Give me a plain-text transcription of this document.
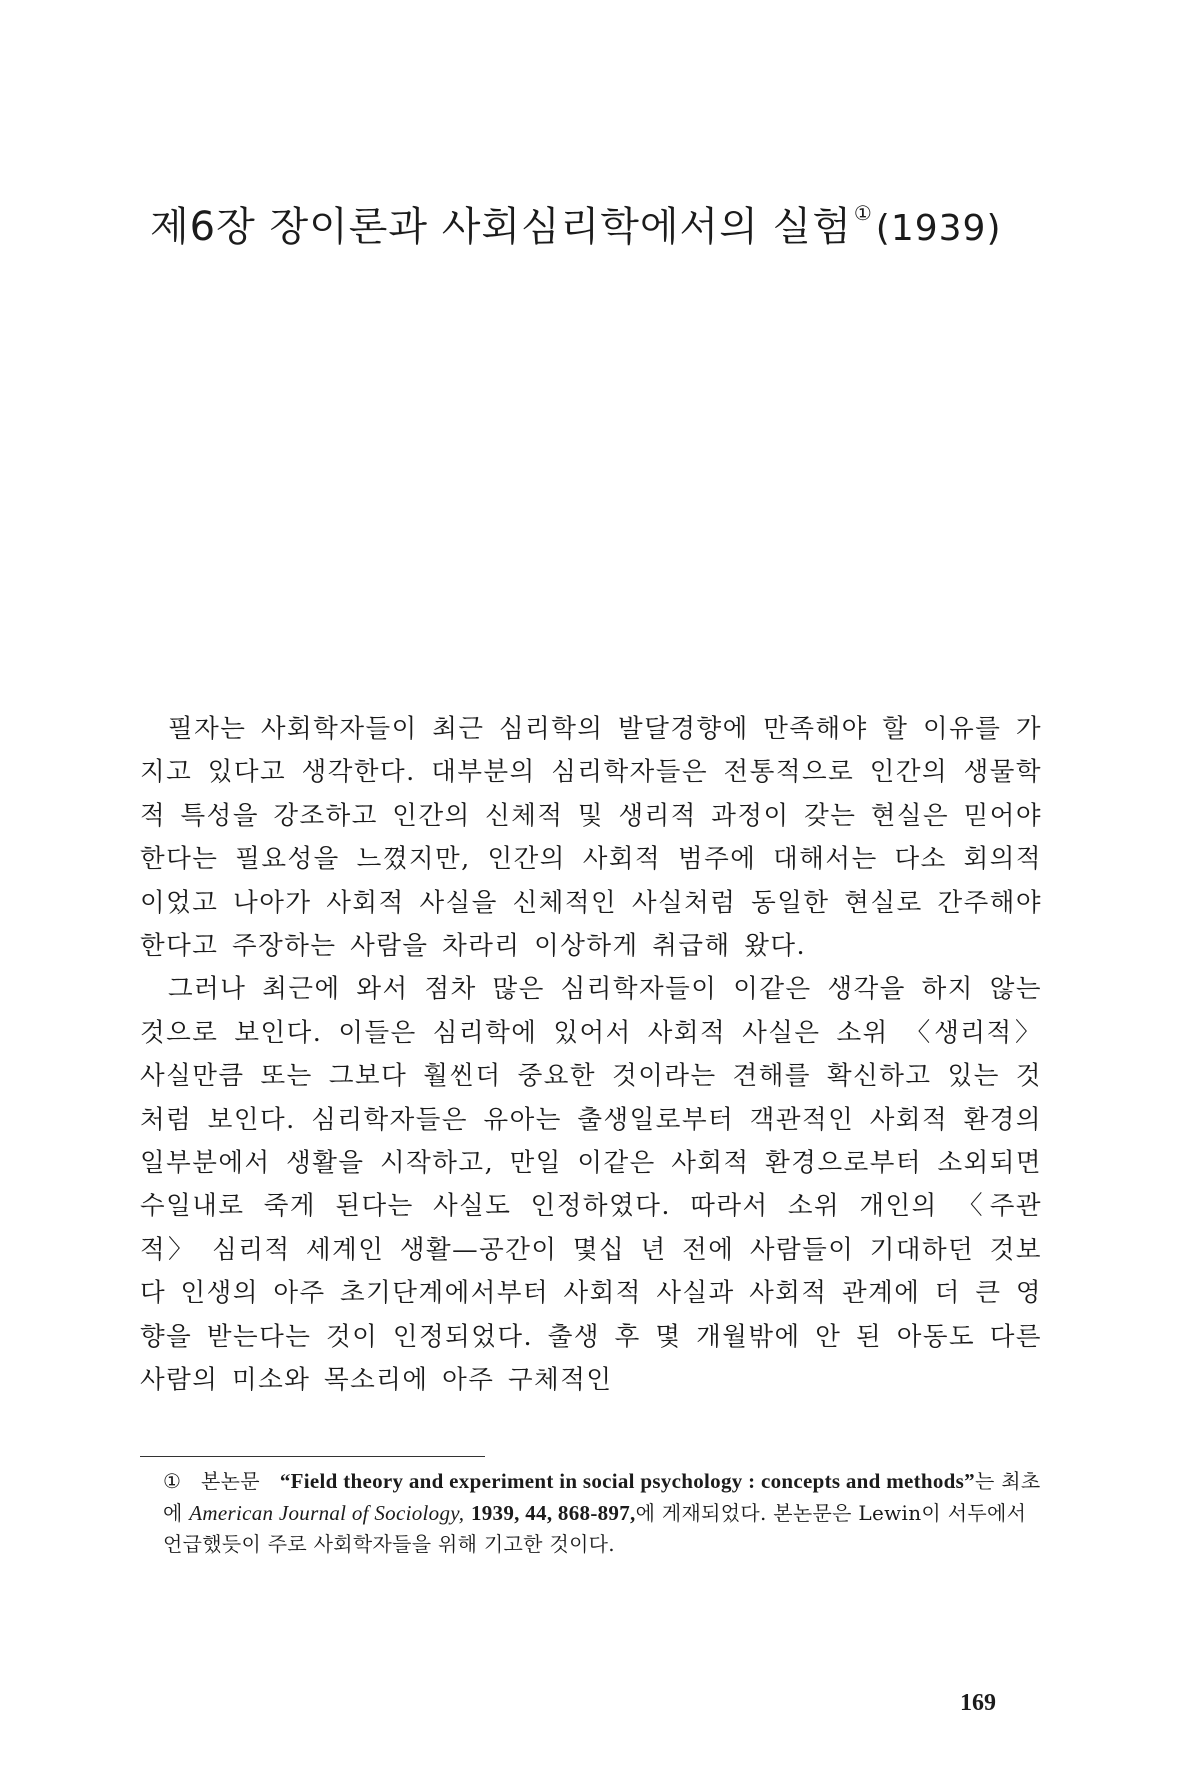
제6장 장이론과 사회심리학에서의 실험 ①(1939)

필자는 사회학자들이 최근 심리학의 발달경향에 만족해야 할 이유를 가지고 있다고 생각한다. 대부분의 심리학자들은 전통적으로 인간의 생물학적 특성을 강조하고 인간의 신체적 및 생리적 과정이 갖는 현실은 믿어야 한다는 필요성을 느꼈지만, 인간의 사회적 범주에 대해서는 다소 회의적이었고 나아가 사회적 사실을 신체적인 사실처럼 동일한 현실로 간주해야 한다고 주장하는 사람을 차라리 이상하게 취급해 왔다.

그러나 최근에 와서 점차 많은 심리학자들이 이같은 생각을 하지 않는 것으로 보인다. 이들은 심리학에 있어서 사회적 사실은 소위 〈생리적〉 사실만큼 또는 그보다 훨씬더 중요한 것이라는 견해를 확신하고 있는 것처럼 보인다. 심리학자들은 유아는 출생일로부터 객관적인 사회적 환경의 일부분에서 생활을 시작하고, 만일 이같은 사회적 환경으로부터 소외되면 수일내로 죽게 된다는 사실도 인정하였다. 따라서 소위 개인의 〈주관적〉 심리적 세계인 생활—공간이 몇십 년 전에 사람들이 기대하던 것보다 인생의 아주 초기단계에서부터 사회적 사실과 사회적 관계에 더 큰 영향을 받는다는 것이 인정되었다. 출생 후 몇 개월밖에 안 된 아동도 다른 사람의 미소와 목소리에 아주 구체적인

① 본논문 “Field theory and experiment in social psychology : concepts and methods”는 최초에 American Journal of Sociology, 1939, 44, 868-897,에 게재되었다. 본논문은 Lewin이 서두에서 언급했듯이 주로 사회학자들을 위해 기고한 것이다.
169
